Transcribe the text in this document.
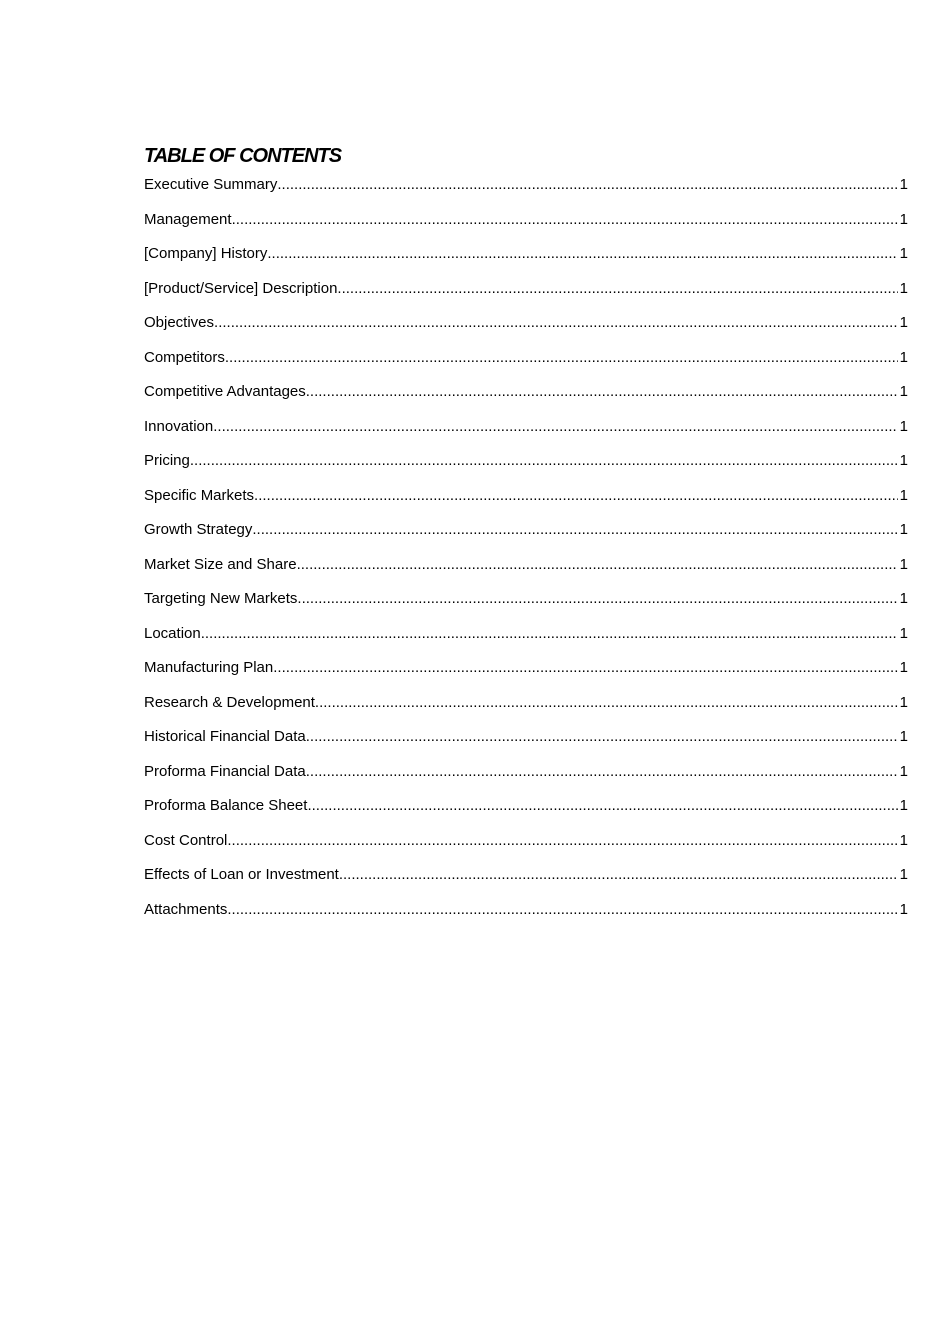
TABLE OF CONTENTS
Executive Summary .....	1
Management .....	1
[Company] History .....	1
[Product/Service] Description .....	1
Objectives .....	1
Competitors .....	1
Competitive Advantages .....	1
Innovation .....	1
Pricing .....	1
Specific Markets .....	1
Growth Strategy .....	1
Market Size and Share .....	1
Targeting New Markets .....	1
Location .....	1
Manufacturing Plan .....	1
Research & Development .....	1
Historical Financial Data .....	1
Proforma Financial Data .....	1
Proforma Balance Sheet .....	1
Cost Control .....	1
Effects of Loan or Investment .....	1
Attachments .....	1
